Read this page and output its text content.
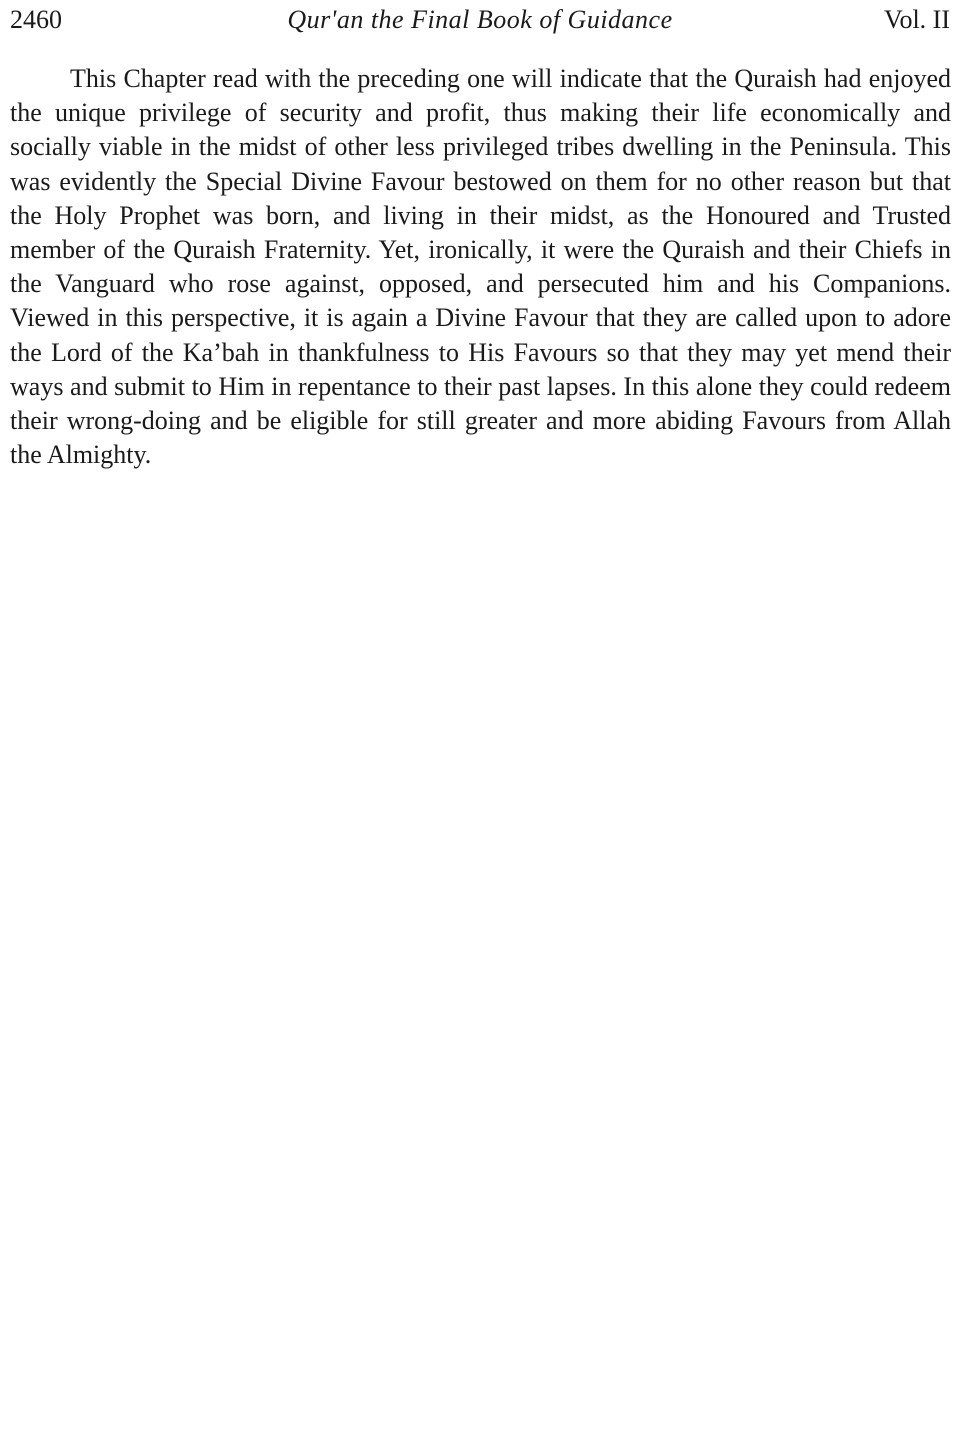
2460	Qur'an the Final Book of Guidance	Vol. II

This Chapter read with the preceding one will indicate that the Quraish had enjoyed the unique privilege of security and profit, thus making their life economically and socially viable in the midst of other less privileged tribes dwelling in the Peninsula. This was evidently the Special Divine Favour bestowed on them for no other reason but that the Holy Prophet was born, and living in their midst, as the Honoured and Trusted member of the Quraish Fraternity. Yet, ironically, it were the Quraish and their Chiefs in the Vanguard who rose against, opposed, and persecuted him and his Companions. Viewed in this perspective, it is again a Divine Favour that they are called upon to adore the Lord of the Ka’bah in thankfulness to His Favours so that they may yet mend their ways and submit to Him in repentance to their past lapses. In this alone they could redeem their wrong-doing and be eligible for still greater and more abiding Favours from Allah the Almighty.
